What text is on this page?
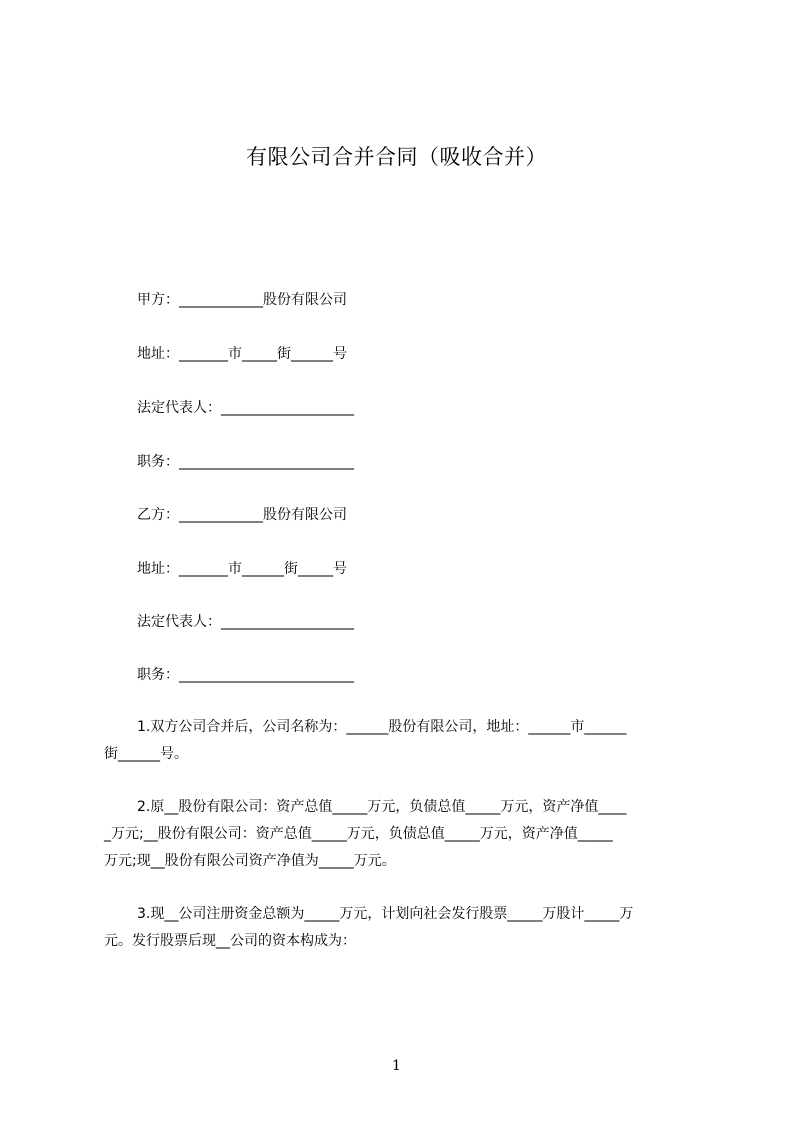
有限公司合并合同（吸收合并）
甲方：____________股份有限公司
地址：_______市_____街______号
法定代表人：___________________
职务：_________________________
乙方：____________股份有限公司
地址：_______市______街_____号
法定代表人：___________________
职务：_________________________
1.双方公司合并后，公司名称为：______股份有限公司，地址：______市______
街______号。
2.原__股份有限公司：资产总值_____万元，负债总值_____万元，资产净值____
_万元;__股份有限公司：资产总值_____万元，负债总值_____万元，资产净值_____
万元;现__股份有限公司资产净值为_____万元。
3.现__公司注册资金总额为_____万元，计划向社会发行股票_____万股计_____万
元。发行股票后现__公司的资本构成为：
1
